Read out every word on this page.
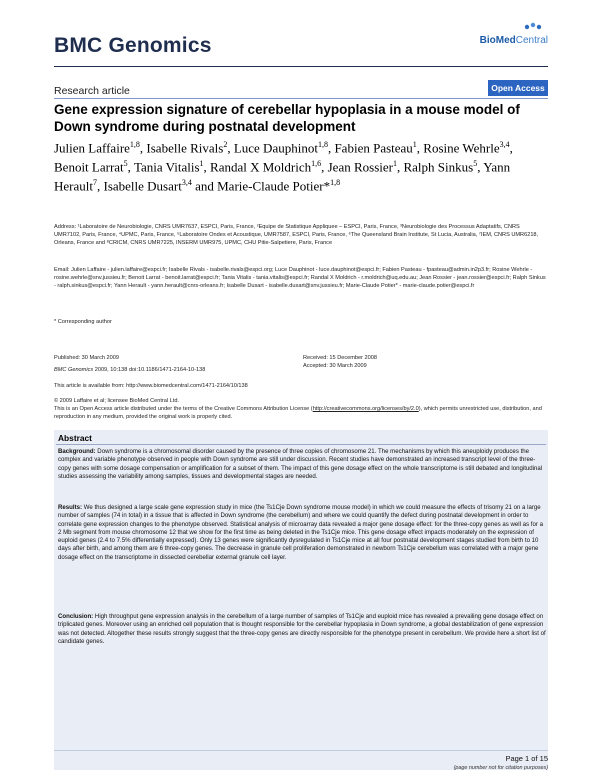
BMC Genomics	BioMedCentral
Research article	Open Access
Gene expression signature of cerebellar hypoplasia in a mouse model of Down syndrome during postnatal development
Julien Laffaire$^{1,8}$, Isabelle Rivals$^2$, Luce Dauphinot$^{1,8}$, Fabien Pasteau$^1$, Rosine Wehrle$^{3,4}$, Benoit Larrat$^5$, Tania Vitalis$^1$, Randal X Moldrich$^{1,6}$, Jean Rossier$^1$, Ralph Sinkus$^5$, Yann Herault$^7$, Isabelle Dusart$^{3,4}$ and Marie-Claude Potier*$^{1,8}$
Address: ¹Laboratoire de Neurobiologie, CNRS UMR7637, ESPCI, Paris, France, ²Equipe de Statistique Appliquee – ESPCI, Paris, France, ³Neurobiologie des Processus Adaptatifs, CNRS UMR7102, Paris, France, ⁴UPMC, Paris, France, ⁵Laboratoire Ondes et Acoustique, UMR7587, ESPCI, Paris, France, ⁶The Queensland Brain Institute, St Lucia, Australia, ⁷IEM, CNRS UMR6218, Orleans, France and ⁸CRICM, CNRS UMR7225, INSERM UMR975, UPMC, CHU Pitie-Salpetiere, Paris, France
Email: Julien Laffaire - julien.laffaire@espci.fr; Isabelle Rivals - isabelle.rivals@espci.org; Luce Dauphinot - luce.dauphinot@espci.fr; Fabien Pasteau - fpasteau@admin.in2p3.fr; Rosine Wehrle - rosine.wehrle@snv.jussieu.fr; Benoit Larrat - benoit.larrat@espci.fr; Tania Vitalis - tania.vitalis@espci.fr; Randal X Moldrich - r.moldrich@uq.edu.au; Jean Rossier - jean.rossier@espci.fr; Ralph Sinkus - ralph.sinkus@espci.fr; Yann Herault - yann.herault@cnrs-orleans.fr; Isabelle Dusart - isabelle.dusart@snv.jussieu.fr; Marie-Claude Potier* - marie-claude.potier@espci.fr
* Corresponding author
Published: 30 March 2009
BMC Genomics 2009, 10:138 doi:10.1186/1471-2164-10-138
Received: 15 December 2008
Accepted: 30 March 2009
This article is available from: http://www.biomedcentral.com/1471-2164/10/138
© 2009 Laffaire et al; licensee BioMed Central Ltd.
This is an Open Access article distributed under the terms of the Creative Commons Attribution License (http://creativecommons.org/licenses/by/2.0), which permits unrestricted use, distribution, and reproduction in any medium, provided the original work is properly cited.
Abstract
Background: Down syndrome is a chromosomal disorder caused by the presence of three copies of chromosome 21. The mechanisms by which this aneuploidy produces the complex and variable phenotype observed in people with Down syndrome are still under discussion. Recent studies have demonstrated an increased transcript level of the three-copy genes with some dosage compensation or amplification for a subset of them. The impact of this gene dosage effect on the whole transcriptome is still debated and longitudinal studies assessing the variability among samples, tissues and developmental stages are needed.
Results: We thus designed a large scale gene expression study in mice (the Ts1Cje Down syndrome mouse model) in which we could measure the effects of trisomy 21 on a large number of samples (74 in total) in a tissue that is affected in Down syndrome (the cerebellum) and where we could quantify the defect during postnatal development in order to correlate gene expression changes to the phenotype observed. Statistical analysis of microarray data revealed a major gene dosage effect: for the three-copy genes as well as for a 2 Mb segment from mouse chromosome 12 that we show for the first time as being deleted in the Ts1Cje mice. This gene dosage effect impacts moderately on the expression of euploid genes (2.4 to 7.5% differentially expressed). Only 13 genes were significantly dysregulated in Ts1Cje mice at all four postnatal development stages studied from birth to 10 days after birth, and among them are 6 three-copy genes. The decrease in granule cell proliferation demonstrated in newborn Ts1Cje cerebellum was correlated with a major gene dosage effect on the transcriptome in dissected cerebellar external granule cell layer.
Conclusion: High throughput gene expression analysis in the cerebellum of a large number of samples of Ts1Cje and euploid mice has revealed a prevailing gene dosage effect on triplicated genes. Moreover using an enriched cell population that is thought responsible for the cerebellar hypoplasia in Down syndrome, a global destabilization of gene expression was not detected. Altogether these results strongly suggest that the three-copy genes are directly responsible for the phenotype present in cerebellum. We provide here a short list of candidate genes.
Page 1 of 15
(page number not for citation purposes)
